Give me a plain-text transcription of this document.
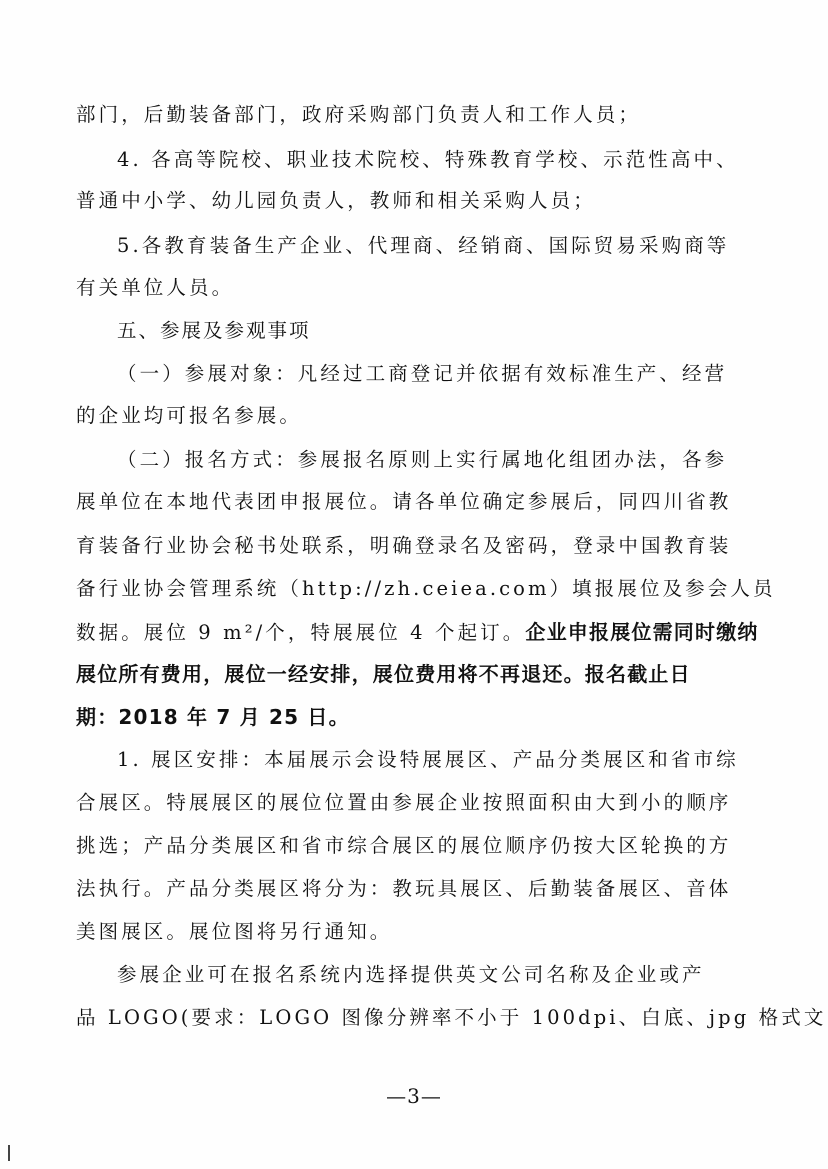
部门，后勤装备部门，政府采购部门负责人和工作人员；
4. 各高等院校、职业技术院校、特殊教育学校、示范性高中、
普通中小学、幼儿园负责人，教师和相关采购人员；
5.各教育装备生产企业、代理商、经销商、国际贸易采购商等
有关单位人员。
五、参展及参观事项
（一）参展对象：凡经过工商登记并依据有效标准生产、经营
的企业均可报名参展。
（二）报名方式：参展报名原则上实行属地化组团办法，各参
展单位在本地代表团申报展位。请各单位确定参展后，同四川省教
育装备行业协会秘书处联系，明确登录名及密码，登录中国教育装
备行业协会管理系统（http://zh.ceiea.com）填报展位及参会人员
数据。展位 9 m²/个，特展展位 4 个起订。企业申报展位需同时缴纳
展位所有费用，展位一经安排，展位费用将不再退还。报名截止日
期：2018 年 7 月 25 日。
1. 展区安排：本届展示会设特展展区、产品分类展区和省市综
合展区。特展展区的展位位置由参展企业按照面积由大到小的顺序
挑选；产品分类展区和省市综合展区的展位顺序仍按大区轮换的方
法执行。产品分类展区将分为：教玩具展区、后勤装备展区、音体
美图展区。展位图将另行通知。
参展企业可在报名系统内选择提供英文公司名称及企业或产
品 LOGO(要求：LOGO 图像分辨率不小于 100dpi、白底、jpg 格式文
—3—
